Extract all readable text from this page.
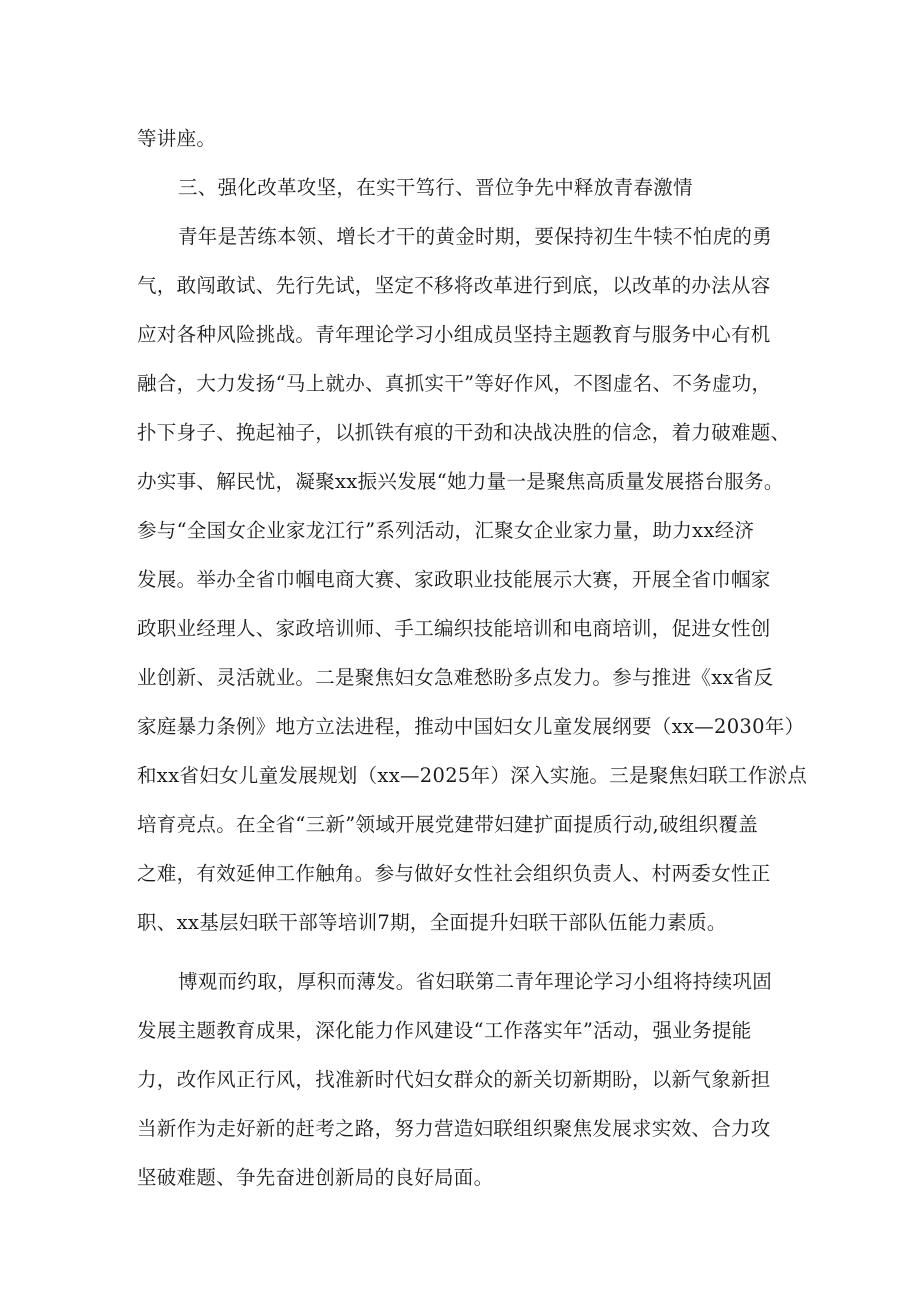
等讲座。
三、强化改革攻坚，在实干笃行、晋位争先中释放青春激情
青年是苦练本领、增长才干的黄金时期，要保持初生牛犊不怕虎的勇
气，敢闯敢试、先行先试，坚定不移将改革进行到底，以改革的办法从容
应对各种风险挑战。青年理论学习小组成员坚持主题教育与服务中心有机
融合，大力发扬“马上就办、真抓实干”等好作风，不图虚名、不务虚功，
扑下身子、挽起袖子，以抓铁有痕的干劲和决战决胜的信念，着力破难题、
办实事、解民忧，凝聚xx振兴发展“她力量一是聚焦高质量发展搭台服务。
参与“全国女企业家龙江行”系列活动，汇聚女企业家力量，助力xx经济
发展。举办全省巾帼电商大赛、家政职业技能展示大赛，开展全省巾帼家
政职业经理人、家政培训师、手工编织技能培训和电商培训，促进女性创
业创新、灵活就业。二是聚焦妇女急难愁盼多点发力。参与推进《xx省反
家庭暴力条例》地方立法进程，推动中国妇女儿童发展纲要（xx—2030年）
和xx省妇女儿童发展规划（xx—2025年）深入实施。三是聚焦妇联工作淤点
培育亮点。在全省“三新”领域开展党建带妇建扩面提质行动,破组织覆盖
之难，有效延伸工作触角。参与做好女性社会组织负责人、村两委女性正
职、xx基层妇联干部等培训7期，全面提升妇联干部队伍能力素质。
博观而约取，厚积而薄发。省妇联第二青年理论学习小组将持续巩固
发展主题教育成果，深化能力作风建设“工作落实年”活动，强业务提能
力，改作风正行风，找准新时代妇女群众的新关切新期盼，以新气象新担
当新作为走好新的赶考之路，努力营造妇联组织聚焦发展求实效、合力攻
坚破难题、争先奋进创新局的良好局面。
